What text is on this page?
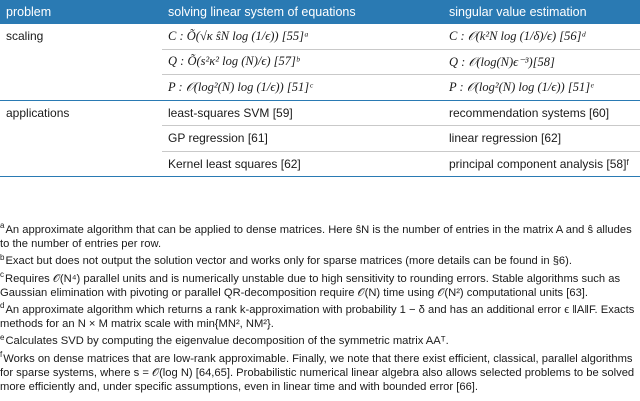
problem	solving linear system of equations	singular value estimation
scaling	C : Õ(√κ ŝN log (1/ϵ)) [55]ᵃ	C : 𝒪(k²N log (1/δ)/ϵ) [56]ᵈ
	Q : Õ(s²κ² log (N)/ϵ) [57]ᵇ	Q : 𝒪(log(N)ϵ⁻³)[58]
	P : 𝒪(log²(N) log (1/ϵ)) [51]ᶜ	P : 𝒪(log²(N) log (1/ϵ)) [51]ᵉ
applications	least-squares SVM [59]	recommendation systems [60]
	GP regression [61]	linear regression [62]
	Kernel least squares [62]	principal component analysis [58]ᶠ

$^a$An approximate algorithm that can be applied to dense matrices. Here ŝN is the number of entries in the matrix A and ŝ alludes to the number of entries per row.

$^b$Exact but does not output the solution vector and works only for sparse matrices (more details can be found in §6).

$^c$Requires 𝒪(N⁴) parallel units and is numerically unstable due to high sensitivity to rounding errors. Stable algorithms such as Gaussian elimination with pivoting or parallel QR-decomposition require 𝒪(N) time using 𝒪(N²) computational units [63].

$^d$An approximate algorithm which returns a rank k-approximation with probability 1 − δ and has an additional error ϵ ‖A‖F. Exacts methods for an N × M matrix scale with min{MN², NM²}.

$^e$Calculates SVD by computing the eigenvalue decomposition of the symmetric matrix AAᵀ.

$^f$Works on dense matrices that are low-rank approximable. Finally, we note that there exist efficient, classical, parallel algorithms for sparse systems, where s = 𝒪(log N) [64,65]. Probabilistic numerical linear algebra also allows selected problems to be solved more efficiently and, under specific assumptions, even in linear time and with bounded error [66].
